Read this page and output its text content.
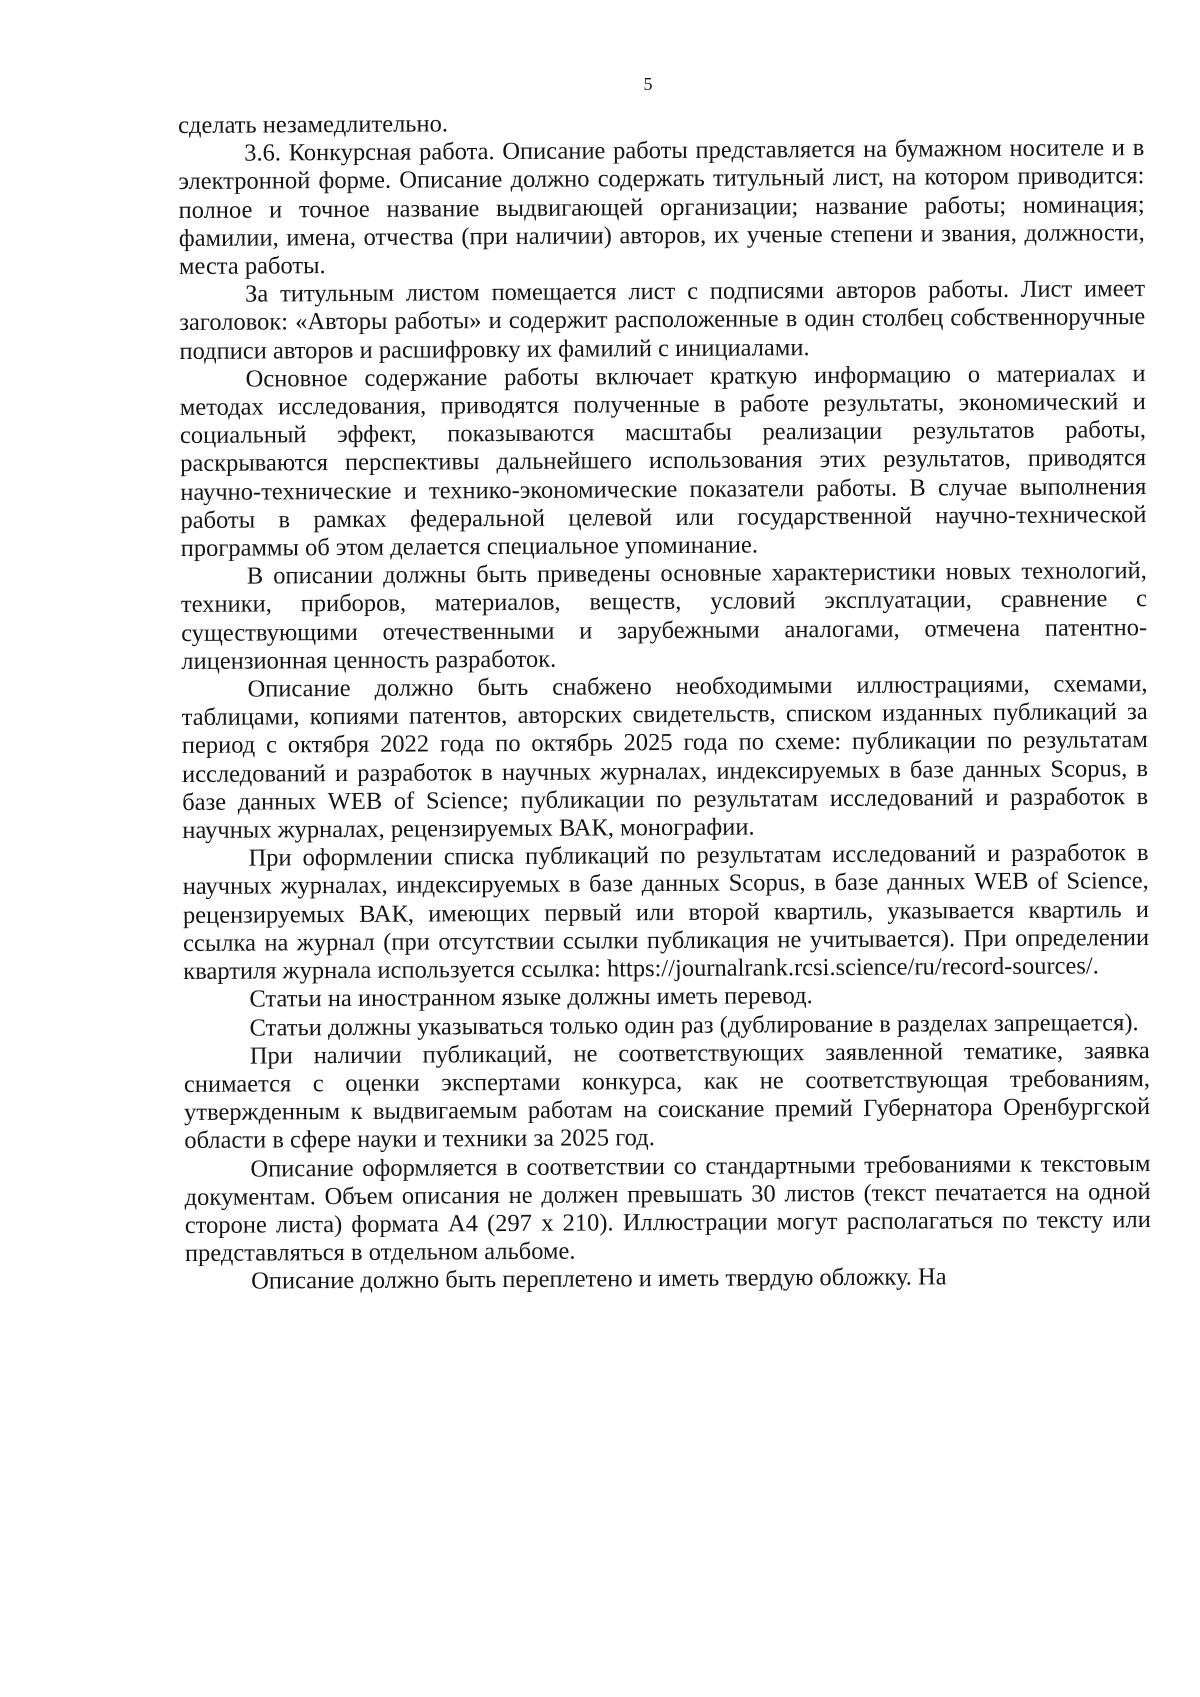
5

сделать незамедлительно.

3.6. Конкурсная работа. Описание работы представляется на бумажном носителе и в электронной форме. Описание должно содержать титульный лист, на котором приводится: полное и точное название выдвигающей организации; название работы; номинация; фамилии, имена, отчества (при наличии) авторов, их ученые степени и звания, должности, места работы.

За титульным листом помещается лист с подписями авторов работы. Лист имеет заголовок: «Авторы работы» и содержит расположенные в один столбец собственноручные подписи авторов и расшифровку их фамилий с инициалами.

Основное содержание работы включает краткую информацию о материалах и методах исследования, приводятся полученные в работе результаты, экономический и социальный эффект, показываются масштабы реализации результатов работы, раскрываются перспективы дальнейшего использования этих результатов, приводятся научно-технические и технико-экономические показатели работы. В случае выполнения работы в рамках федеральной целевой или государственной научно-технической программы об этом делается специальное упоминание.

В описании должны быть приведены основные характеристики новых технологий, техники, приборов, материалов, веществ, условий эксплуатации, сравнение с существующими отечественными и зарубежными аналогами, отмечена патентно-лицензионная ценность разработок.

Описание должно быть снабжено необходимыми иллюстрациями, схемами, таблицами, копиями патентов, авторских свидетельств, списком изданных публикаций за период с октября 2022 года по октябрь 2025 года по схеме: публикации по результатам исследований и разработок в научных журналах, индексируемых в базе данных Scopus, в базе данных WEB of Science; публикации по результатам исследований и разработок в научных журналах, рецензируемых ВАК, монографии.

При оформлении списка публикаций по результатам исследований и разработок в научных журналах, индексируемых в базе данных Scopus, в базе данных WEB of Science, рецензируемых ВАК, имеющих первый или второй квартиль, указывается квартиль и ссылка на журнал (при отсутствии ссылки публикация не учитывается). При определении квартиля журнала используется ссылка: https://journalrank.rcsi.science/ru/record-sources/.

Статьи на иностранном языке должны иметь перевод.

Статьи должны указываться только один раз (дублирование в разделах запрещается).

При наличии публикаций, не соответствующих заявленной тематике, заявка снимается с оценки экспертами конкурса, как не соответствующая требованиям, утвержденным к выдвигаемым работам на соискание премий Губернатора Оренбургской области в сфере науки и техники за 2025 год.

Описание оформляется в соответствии со стандартными требованиями к текстовым документам. Объем описания не должен превышать 30 листов (текст печатается на одной стороне листа) формата А4 (297 х 210). Иллюстрации могут располагаться по тексту или представляться в отдельном альбоме.

Описание должно быть переплетено и иметь твердую обложку. На
